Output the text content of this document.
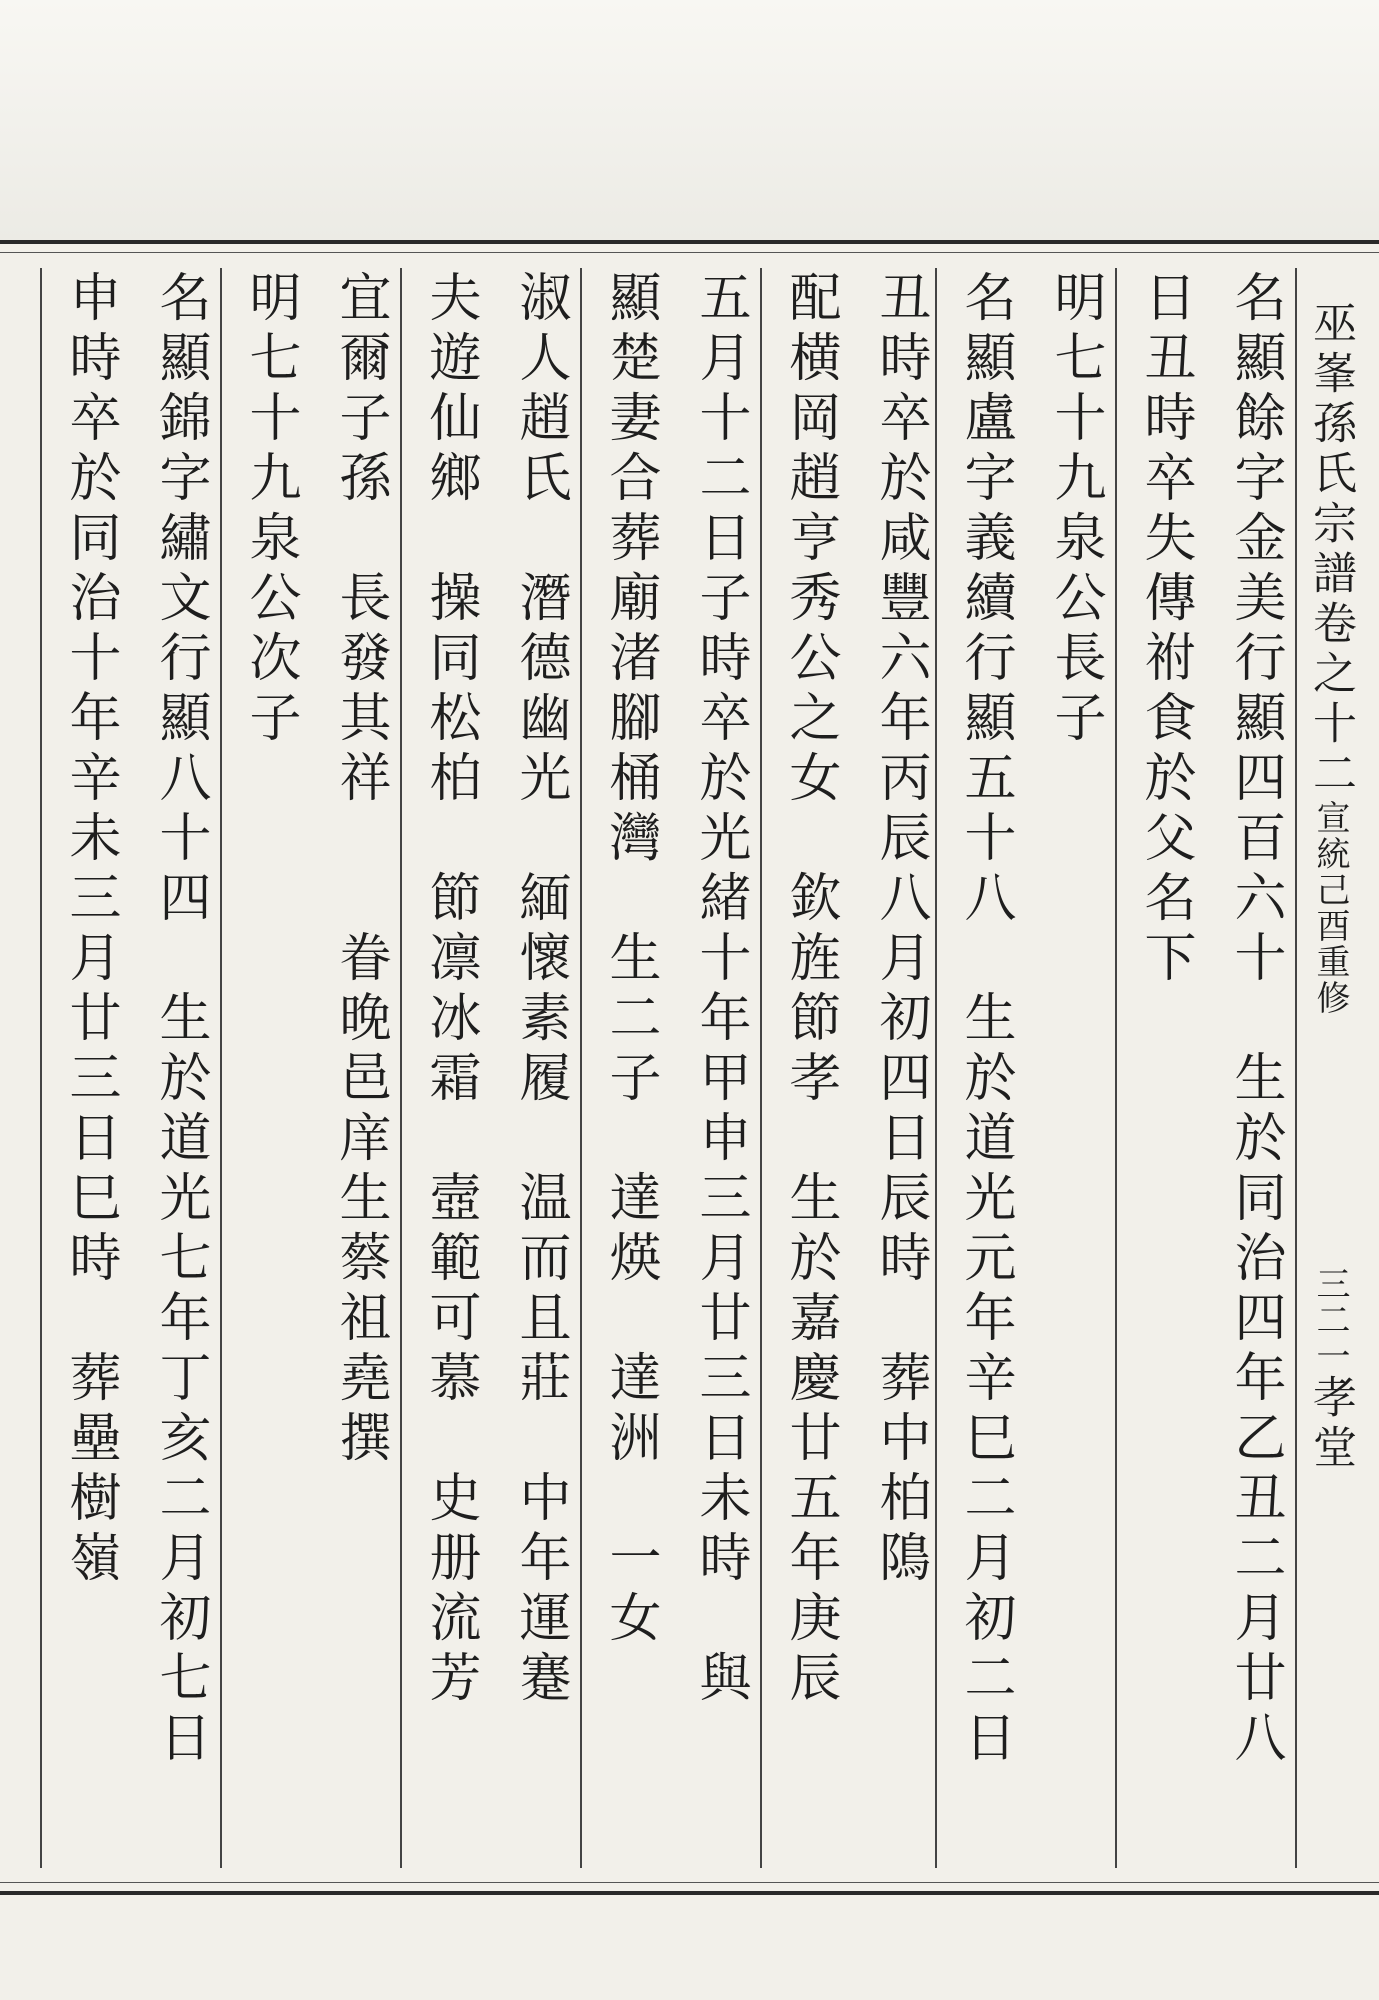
巫峯孫氏宗譜卷之十二宣統己酉重修三二一孝堂
名顯餘字金美行顯四百六十　生於同治四年乙丑二月廿八
日丑時卒失傳祔食於父名下
明七十九泉公長子
名顯盧字義續行顯五十八　生於道光元年辛巳二月初二日
丑時卒於咸豐六年丙辰八月初四日辰時　葬中柏隝
配横岡趙亨秀公之女　欽旌節孝　生於嘉慶廿五年庚辰
五月十二日子時卒於光緒十年甲申三月廿三日未時　與
顯楚妻合葬廟渚腳桶灣　生二子　達煐　達洲　一女
淑人趙氏　潛德幽光　緬懷素履　温而且莊　中年運蹇
夫遊仙鄉　操同松柏　節凛冰霜　壼範可慕　史册流芳
宜爾子孫　長發其祥　　眷晚邑庠生蔡祖堯撰
明七十九泉公次子
名顯錦字繡文行顯八十四　生於道光七年丁亥二月初七日
申時卒於同治十年辛未三月廿三日巳時　葬壘樹嶺
